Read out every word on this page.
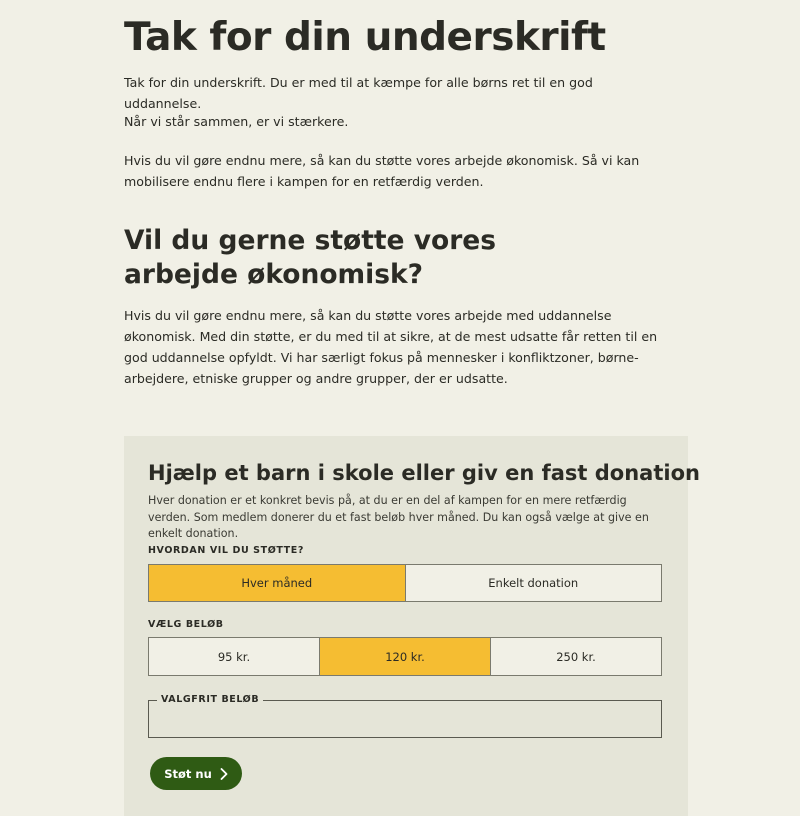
Tak for din underskrift

Tak for din underskrift. Du er med til at kæmpe for alle børns ret til en god uddannelse.

Når vi står sammen, er vi stærkere.

Hvis du vil gøre endnu mere, så kan du støtte vores arbejde økonomisk. Så vi kan mobilisere endnu flere i kampen for en retfærdig verden.

Vil du gerne støtte vores arbejde økonomisk?

Hvis du vil gøre endnu mere, så kan du støtte vores arbejde med uddannelse økonomisk. Med din støtte, er du med til at sikre, at de mest udsatte får retten til en god uddannelse opfyldt. Vi har særligt fokus på mennesker i konfliktzoner, børne-arbejdere, etniske grupper og andre grupper, der er udsatte.

Hjælp et barn i skole eller giv en fast donation
Hver donation er et konkret bevis på, at du er en del af kampen for en mere retfærdig verden. Som medlem donerer du et fast beløb hver måned. Du kan også vælge at give en enkelt donation.
HVORDAN VIL DU STØTTE?
Hver måned	Enkelt donation
VÆLG BELØB
95 kr.	120 kr.	250 kr.
VALGFRIT BELØB
Støt nu
